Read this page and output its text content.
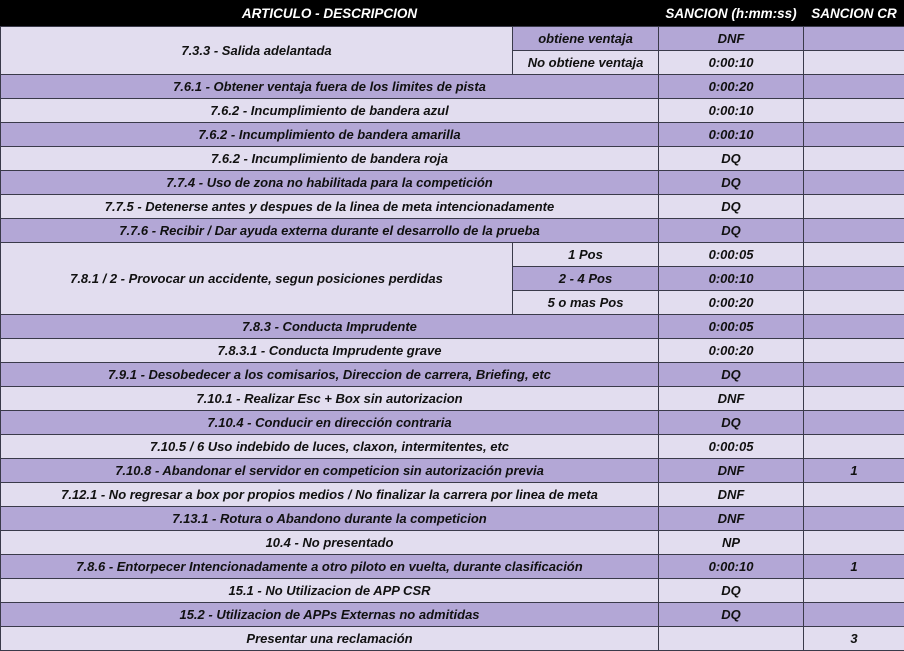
ARTICULO - DESCRIPCION		SANCION (h:mm:ss)	SANCION CR
7.3.3 - Salida adelantada	obtiene ventaja	DNF	
	No obtiene ventaja	0:00:10	
7.6.1 - Obtener ventaja fuera de los limites de pista		0:00:20	
7.6.2 - Incumplimiento de bandera azul		0:00:10	
7.6.2 - Incumplimiento de bandera amarilla		0:00:10	
7.6.2 - Incumplimiento de bandera roja		DQ	
7.7.4 - Uso de zona no habilitada para la competición		DQ	
7.7.5 - Detenerse antes y despues de la linea de meta intencionadamente		DQ	
7.7.6 - Recibir / Dar ayuda externa durante el desarrollo de la prueba		DQ	
7.8.1 / 2 - Provocar un accidente, segun posiciones perdidas	1 Pos	0:00:05	
	2 - 4 Pos	0:00:10	
	5 o mas Pos	0:00:20	
7.8.3 - Conducta Imprudente		0:00:05	
7.8.3.1 - Conducta Imprudente grave		0:00:20	
7.9.1 - Desobedecer a los comisarios, Direccion de carrera, Briefing, etc		DQ	
7.10.1 - Realizar Esc + Box sin autorizacion		DNF	
7.10.4 - Conducir en dirección contraria		DQ	
7.10.5 / 6 Uso indebido de luces, claxon, intermitentes, etc		0:00:05	
7.10.8 - Abandonar el servidor en competicion sin autorización previa		DNF	1
7.12.1 - No regresar a box por propios medios / No finalizar la carrera por linea de meta		DNF	
7.13.1 - Rotura o Abandono durante la competicion		DNF	
10.4 - No presentado		NP	
7.8.6 - Entorpecer Intencionadamente a otro piloto en vuelta, durante clasificación		0:00:10	1
15.1 - No Utilizacion de APP CSR		DQ	
15.2 - Utilizacion de APPs Externas no admitidas		DQ	
Presentar una reclamación			3
